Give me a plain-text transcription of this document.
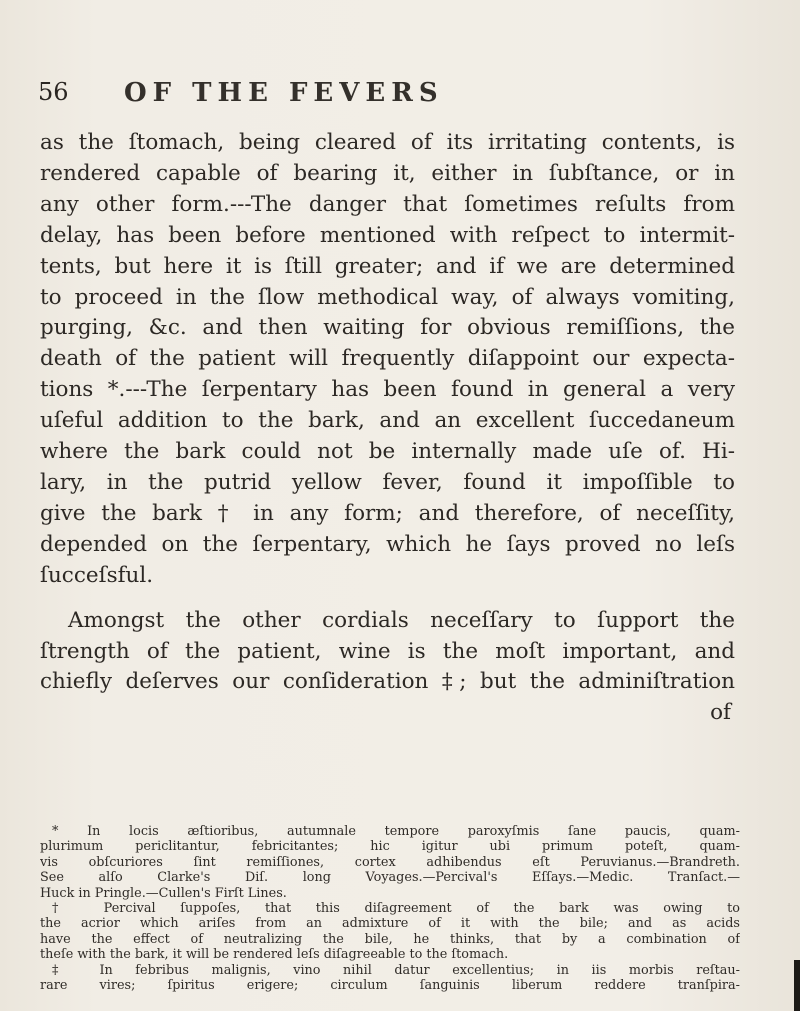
56 OF THE FEVERS
as the ſtomach, being cleared of its irritating contents, is
rendered capable of bearing it, either in ſubſtance, or in
any other form.---The danger that ſometimes reſults from
delay, has been before mentioned with reſpect to intermit-
tents, but here it is ſtill greater; and if we are determined
to proceed in the ſlow methodical way, of always vomiting,
purging, &c. and then waiting for obvious remiſſions, the
death of the patient will frequently diſappoint our expecta-
tions *.---The ſerpentary has been found in general a very
uſeful addition to the bark, and an excellent ſuccedaneum
where the bark could not be internally made uſe of. Hi-
lary, in the putrid yellow fever, found it impoſſible to
give the bark † in any form; and therefore, of neceſſity,
depended on the ſerpentary, which he ſays proved no leſs
ſucceſsful.
Amongst the other cordials neceſſary to ſupport the
ſtrength of the patient, wine is the moſt important, and
chiefly deſerves our conſideration ‡; but the adminiſtration
of
* In locis æſtioribus, autumnale tempore paroxyſmis ſane paucis, quam-
plurimum periclitantur, febricitantes; hic igitur ubi primum poteſt, quam-
vis obſcuriores ſint remiſſiones, cortex adhibendus eſt Peruvianus.—Brandreth.
See alſo Clarke's Diſ. long Voyages.—Percival's Eſſays.—Medic. Tranſact.—
Huck in Pringle.—Cullen's Firſt Lines.
† Percival ſuppoſes, that this diſagreement of the bark was owing to
the acrior which ariſes from an admixture of it with the bile; and as acids
have the effect of neutralizing the bile, he thinks, that by a combination of
theſe with the bark, it will be rendered leſs diſagreeable to the ſtomach.
‡ In febribus malignis, vino nihil datur excellentius; in iis morbis reſtau-
rare vires; ſpiritus erigere; circulum ſanguinis liberum reddere tranſpira-
